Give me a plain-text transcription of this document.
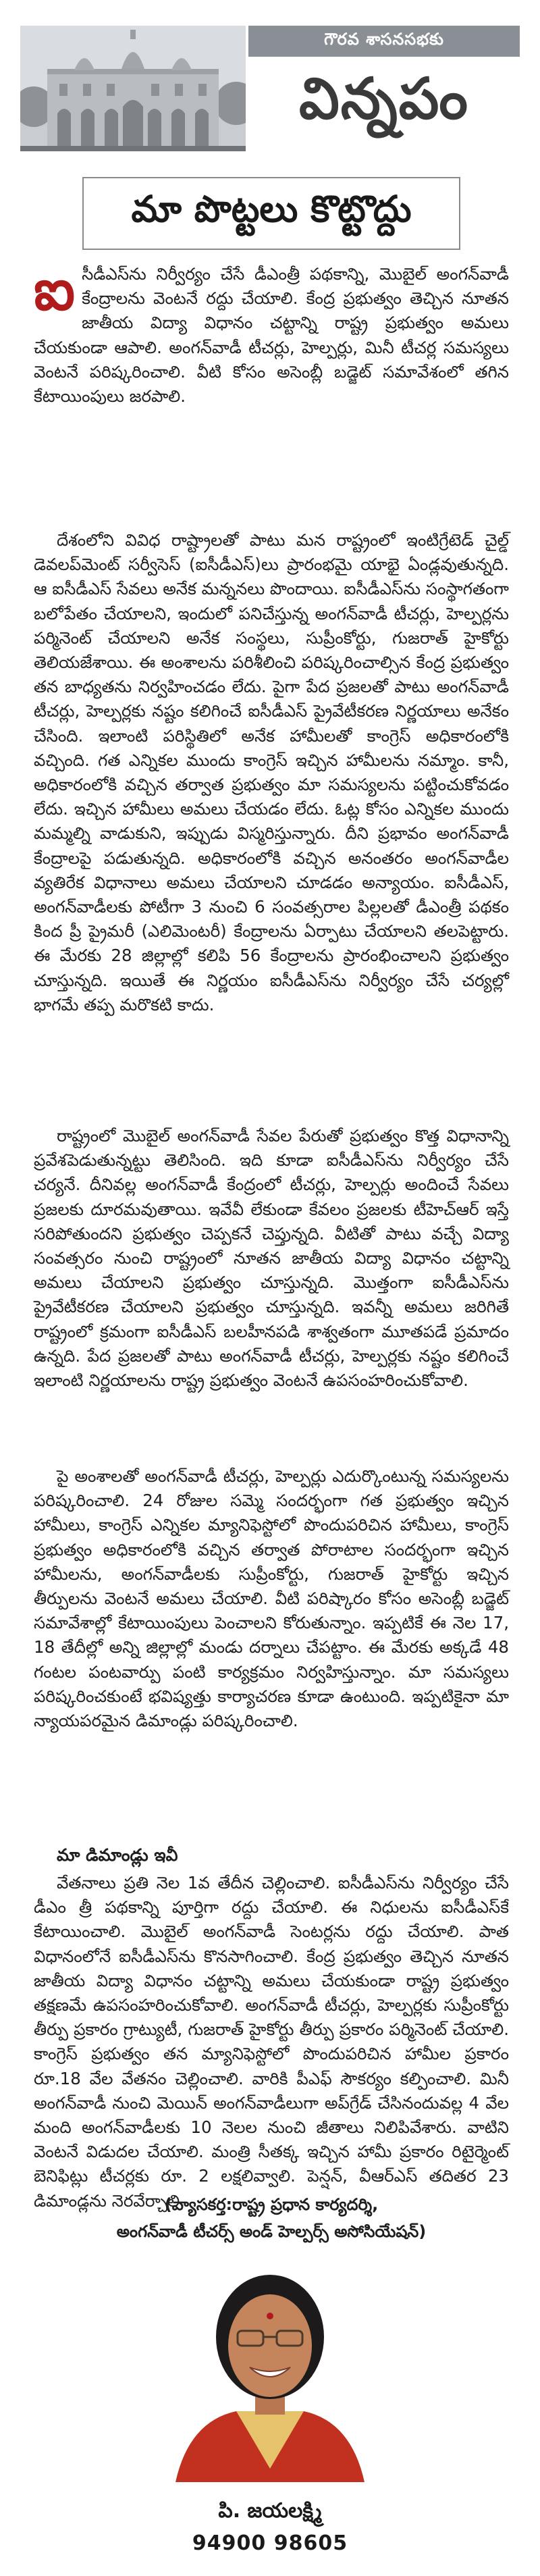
గౌరవ శాసనసభకు
విన్నపం
మా పొట్టలు కొట్టొద్దు

ఐసీడీఎస్‌ను నిర్వీర్యం చేసే డీఎంత్రీ పథకాన్ని, మొబైల్ అంగన్‌వాడీ కేంద్రాలను వెంటనే రద్దు చేయాలి. కేంద్ర ప్రభుత్వం తెచ్చిన నూతన జాతీయ విద్యా విధానం చట్టాన్ని రాష్ట్ర ప్రభుత్వం అమలు చేయకుండా ఆపాలి. అంగన్‌వాడీ టీచర్లు, హెల్పర్లు, మినీ టీచర్ల సమస్యలు వెంటనే పరిష్కరించాలి. వీటి కోసం అసెంబ్లీ బడ్జెట్ సమావేశంలో తగిన కేటాయింపులు జరపాలి.

దేశంలోని వివిధ రాష్ట్రాలతో పాటు మన రాష్ట్రంలో ఇంటిగ్రేటెడ్ చైల్డ్ డెవలప్‌మెంట్ సర్వీసెస్ (ఐసీడీఎస్)లు ప్రారంభమై యాభై ఏండ్లవుతున్నది. ఆ ఐసీడీఎస్ సేవలు అనేక మన్ననలు పొందాయి. ఐసీడీఎస్‌ను సంస్థాగతంగా బలోపేతం చేయాలని, ఇందులో పనిచేస్తున్న అంగన్‌వాడీ టీచర్లు, హెల్పర్లను పర్మినెంట్ చేయాలని అనేక సంస్థలు, సుప్రీంకోర్టు, గుజరాత్ హైకోర్టు తెలియజేశాయి. ఈ అంశాలను పరిశీలించి పరిష్కరించాల్సిన కేంద్ర ప్రభుత్వం తన బాధ్యతను నిర్వహించడం లేదు. పైగా పేద ప్రజలతో పాటు అంగన్‌వాడీ టీచర్లు, హెల్పర్లకు నష్టం కలిగించే ఐసీడీఎస్ ప్రైవేటీకరణ నిర్ణయాలు అనేకం చేసింది. ఇలాంటి పరిస్థితిలో అనేక హామీలతో కాంగ్రెస్ అధికారంలోకి వచ్చింది. గత ఎన్నికల ముందు కాంగ్రెస్ ఇచ్చిన హామీలను నమ్మాం. కానీ, అధికారంలోకి వచ్చిన తర్వాత ప్రభుత్వం మా సమస్యలను పట్టించుకోవడం లేదు. ఇచ్చిన హామీలు అమలు చేయడం లేదు. ఓట్ల కోసం ఎన్నికల ముందు మమ్మల్ని వాడుకుని, ఇప్పుడు విస్మరిస్తున్నారు. దీని ప్రభావం అంగన్‌వాడీ కేంద్రాలపై పడుతున్నది. అధికారంలోకి వచ్చిన అనంతరం అంగన్‌వాడీల వ్యతిరేక విధానాలు అమలు చేయాలని చూడడం అన్యాయం. ఐసీడీఎస్, అంగన్‌వాడీలకు పోటీగా 3 నుంచి 6 సంవత్సరాల పిల్లలతో డీఎంత్రీ పథకం కింద ప్రీ ప్రైమరీ (ఎలిమెంటరీ) కేంద్రాలను ఏర్పాటు చేయాలని తలపెట్టారు. ఈ మేరకు 28 జిల్లాల్లో కలిపి 56 కేంద్రాలను ప్రారంభించాలని ప్రభుత్వం చూస్తున్నది. ఇయితే ఈ నిర్ణయం ఐసీడీఎస్‌ను నిర్వీర్యం చేసే చర్యల్లో భాగమే తప్ప మరొకటి కాదు.

రాష్ట్రంలో మొబైల్ అంగన్‌వాడీ సేవల పేరుతో ప్రభుత్వం కొత్త విధానాన్ని ప్రవేశపెడుతున్నట్టు తెలిసింది. ఇది కూడా ఐసీడీఎస్‌ను నిర్వీర్యం చేసే చర్యనే. దీనివల్ల అంగన్‌వాడీ కేంద్రంలో టీచర్లు, హెల్పర్లు అందించే సేవలు ప్రజలకు దూరమవుతాయి. ఇవేవీ లేకుండా కేవలం ప్రజలకు టీహెచ్‌ఆర్ ఇస్తే సరిపోతుందని ప్రభుత్వం చెప్పకనే చెప్తున్నది. వీటితో పాటు వచ్చే విద్యా సంవత్సరం నుంచి రాష్ట్రంలో నూతన జాతీయ విద్యా విధానం చట్టాన్ని అమలు చేయాలని ప్రభుత్వం చూస్తున్నది. మొత్తంగా ఐసీడీఎస్‌ను ప్రైవేటీకరణ చేయాలని ప్రభుత్వం చూస్తున్నది. ఇవన్నీ అమలు జరిగితే రాష్ట్రంలో క్రమంగా ఐసీడీఎస్ బలహీనపడి శాశ్వతంగా మూతపడే ప్రమాదం ఉన్నది. పేద ప్రజలతో పాటు అంగన్‌వాడీ టీచర్లు, హెల్పర్లకు నష్టం కలిగించే ఇలాంటి నిర్ణయాలను రాష్ట్ర ప్రభుత్వం వెంటనే ఉపసంహరించుకోవాలి.

పై అంశాలతో అంగన్‌వాడీ టీచర్లు, హెల్పర్లు ఎదుర్కొంటున్న సమస్యలను పరిష్కరించాలి. 24 రోజుల సమ్మె సందర్భంగా గత ప్రభుత్వం ఇచ్చిన హామీలు, కాంగ్రెస్ ఎన్నికల మ్యానిఫెస్టోలో పొందుపరిచిన హామీలు, కాంగ్రెస్ ప్రభుత్వం అధికారంలోకి వచ్చిన తర్వాత పోరాటాల సందర్భంగా ఇచ్చిన హామీలను, అంగన్‌వాడీలకు సుప్రీంకోర్టు, గుజరాత్ హైకోర్టు ఇచ్చిన తీర్పులను వెంటనే అమలు చేయాలి. వీటి పరిష్కారం కోసం అసెంబ్లీ బడ్జెట్ సమావేశాల్లో కేటాయింపులు పెంచాలని కోరుతున్నాం. ఇప్పటికే ఈ నెల 17, 18 తేదీల్లో అన్ని జిల్లాల్లో మండు దర్నాలు చేపట్టాం. ఈ మేరకు అక్కడే 48 గంటల పంటవార్పు పంటి కార్యక్రమం నిర్వహిస్తున్నాం. మా సమస్యలు పరిష్కరించకుంటే భవిష్యత్తు కార్యాచరణ కూడా ఉంటుంది. ఇప్పటికైనా మా న్యాయపరమైన డిమాండ్లు పరిష్కరించాలి.

మా డిమాండ్లు ఇవీ

వేతనాలు ప్రతి నెల 1వ తేదీన చెల్లించాలి. ఐసీడీఎస్‌ను నిర్వీర్యం చేసే డీఎం త్రీ పథకాన్ని పూర్తిగా రద్దు చేయాలి. ఈ నిధులను ఐసీడీఎస్‌కే కేటాయించాలి. మొబైల్ అంగన్‌వాడీ సెంటర్లను రద్దు చేయాలి. పాత విధానంలోనే ఐసీడీఎస్‌ను కొనసాగించాలి. కేంద్ర ప్రభుత్వం తెచ్చిన నూతన జాతీయ విద్యా విధానం చట్టాన్ని అమలు చేయకుండా రాష్ట్ర ప్రభుత్వం తక్షణమే ఉపసంహరించుకోవాలి. అంగన్‌వాడీ టీచర్లు, హెల్పర్లకు సుప్రీంకోర్టు తీర్పు ప్రకారం గ్రాట్యుటీ, గుజరాత్ హైకోర్టు తీర్పు ప్రకారం పర్మినెంట్ చేయాలి. కాంగ్రెస్ ప్రభుత్వం తన మ్యానిఫెస్టోలో పొందుపరిచిన హామీల ప్రకారం రూ.18 వేల వేతనం చెల్లించాలి. వారికి పీఎఫ్ సౌకర్యం కల్పించాలి. మినీ అంగన్‌వాడీ నుంచి మెయిన్ అంగన్‌వాడీలుగా అప్‌గ్రేడ్ చేసినందువల్ల 4 వేల మంది అంగన్‌వాడీలకు 10 నెలల నుంచి జీతాలు నిలిపివేశారు. వాటిని వెంటనే విడుదల చేయాలి. మంత్రి సీతక్క ఇచ్చిన హామీ ప్రకారం రిటైర్మెంట్ బెనిఫిట్లు టీచర్లకు రూ. 2 లక్షలివ్వాలి. పెన్షన్, వీఆర్ఎస్ తదితర 23 డిమాండ్లను నెరవేర్చాలి.

(వ్యాసకర్త:రాష్ట్ర ప్రధాన కార్యదర్శి,

అంగన్‌వాడీ టీచర్స్ అండ్ హెల్పర్స్ అసోసియేషన్)

పి. జయలక్ష్మి

94900 98605
